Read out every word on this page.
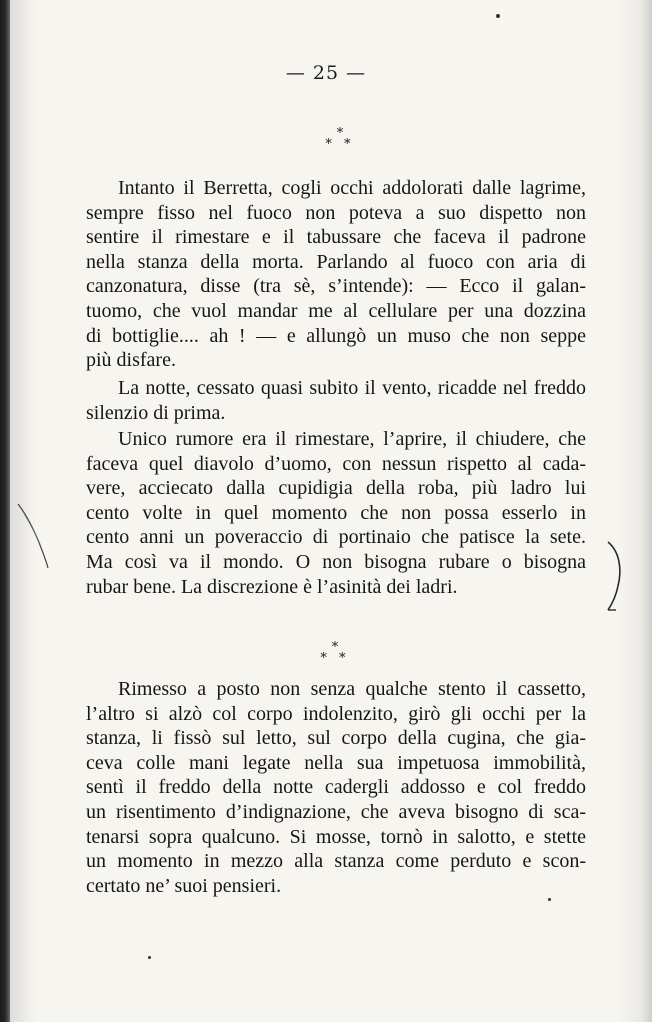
— 25 —
*
* *

Intanto il Berretta, cogli occhi addolorati dalle lagrime,
sempre fisso nel fuoco non poteva a suo dispetto non
sentire il rimestare e il tabussare che faceva il padrone
nella stanza della morta. Parlando al fuoco con aria di
canzonatura, disse (tra sè, s’intende): — Ecco il galan-
tuomo, che vuol mandar me al cellulare per una dozzina
di bottiglie.... ah ! — e allungò un muso che non seppe
più disfare.

La notte, cessato quasi subito il vento, ricadde nel freddo
silenzio di prima.

Unico rumore era il rimestare, l’aprire, il chiudere, che
faceva quel diavolo d’uomo, con nessun rispetto al cada-
vere, acciecato dalla cupidigia della roba, più ladro lui
cento volte in quel momento che non possa esserlo in
cento anni un poveraccio di portinaio che patisce la sete.
Ma così va il mondo. O non bisogna rubare o bisogna
rubar bene. La discrezione è l’asinità dei ladri.

*
* *

Rimesso a posto non senza qualche stento il cassetto,
l’altro si alzò col corpo indolenzito, girò gli occhi per la
stanza, li fissò sul letto, sul corpo della cugina, che gia-
ceva colle mani legate nella sua impetuosa immobilità,
sentì il freddo della notte cadergli addosso e col freddo
un risentimento d’indignazione, che aveva bisogno di sca-
tenarsi sopra qualcuno. Si mosse, tornò in salotto, e stette
un momento in mezzo alla stanza come perduto e scon-
certato ne’ suoi pensieri.
